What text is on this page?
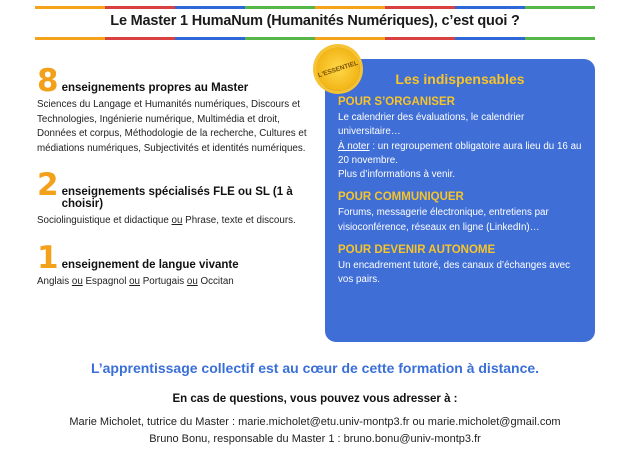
Le Master 1 HumaNum (Humanités Numériques), c’est quoi ?
8 enseignements propres au Master
Sciences du Langage et Humanités numériques, Discours et Technologies, Ingénierie numérique, Multimédia et droit, Données et corpus, Méthodologie de la recherche, Cultures et médiations numériques, Subjectivités et identités numériques.
2 enseignements spécialisés FLE ou SL (1 à choisir)
Sociolinguistique et didactique ou Phrase, texte et discours.
1 enseignement de langue vivante
Anglais ou Espagnol ou Portugais ou Occitan
Les indispensables
POUR S’ORGANISER
Le calendrier des évaluations, le calendrier universitaire…
À noter : un regroupement obligatoire aura lieu du 16 au 20 novembre.
Plus d’informations à venir.
POUR COMMUNIQUER
Forums, messagerie électronique, entretiens par visioconférence, réseaux en ligne (LinkedIn)…
POUR DEVENIR AUTONOME
Un encadrement tutoré, des canaux d’échanges avec vos pairs.
L'ESSENTIEL
L’apprentissage collectif est au cœur de cette formation à distance.
En cas de questions, vous pouvez vous adresser à :
Marie Micholet, tutrice du Master : marie.micholet@etu.univ-montp3.fr ou marie.micholet@gmail.com
Bruno Bonu, responsable du Master 1 : bruno.bonu@univ-montp3.fr
